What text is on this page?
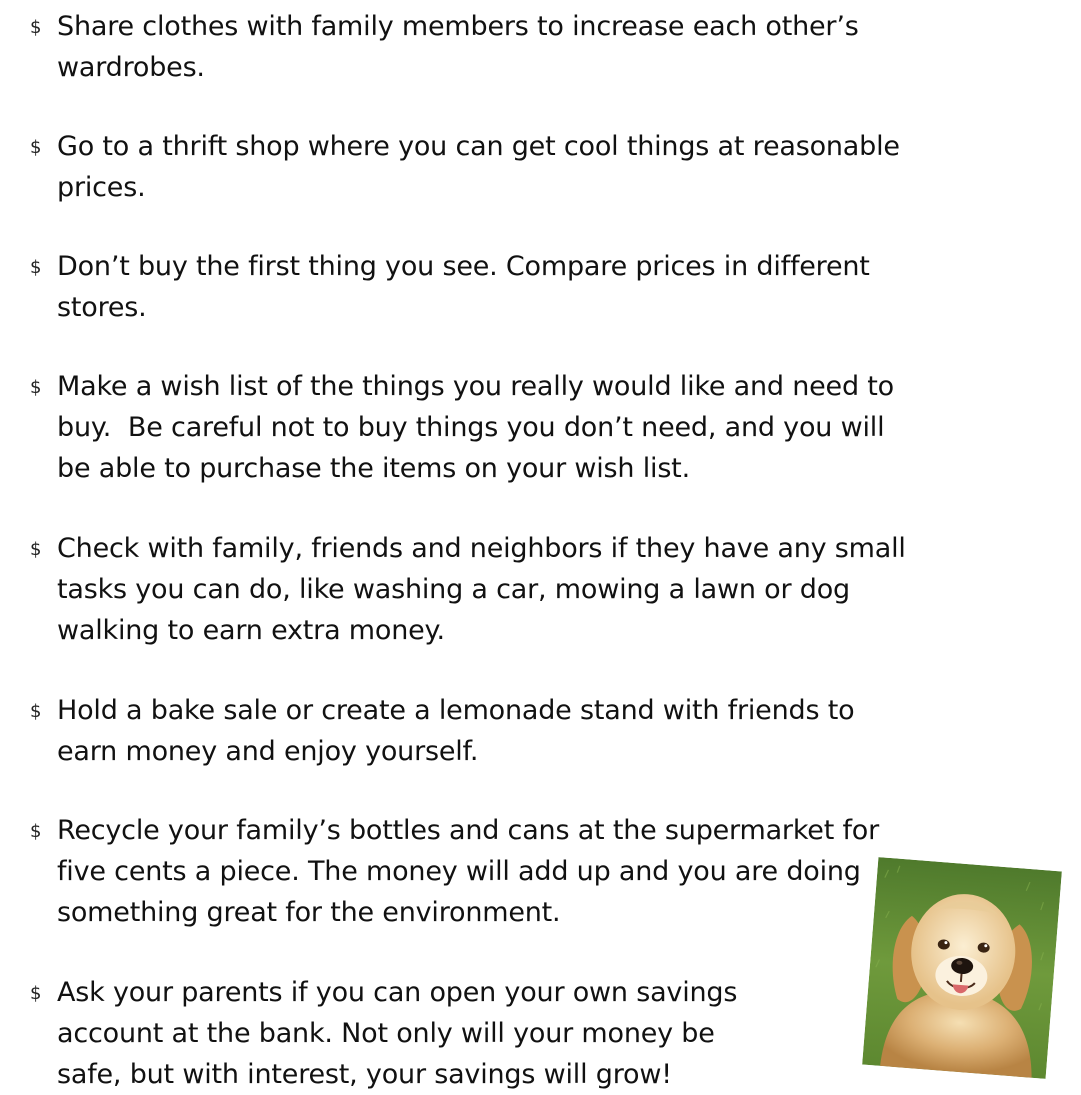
$ Share clothes with family members to increase each other’s
wardrobes.
$ Go to a thrift shop where you can get cool things at reasonable
prices.
$ Don’t buy the first thing you see. Compare prices in different
stores.
$ Make a wish list of the things you really would like and need to
buy.  Be careful not to buy things you don’t need, and you will
be able to purchase the items on your wish list.
$ Check with family, friends and neighbors if they have any small
tasks you can do, like washing a car, mowing a lawn or dog
walking to earn extra money.
$ Hold a bake sale or create a lemonade stand with friends to
earn money and enjoy yourself.
$ Recycle your family’s bottles and cans at the supermarket for
five cents a piece. The money will add up and you are doing
something great for the environment.
$ Ask your parents if you can open your own savings
account at the bank. Not only will your money be
safe, but with interest, your savings will grow!
